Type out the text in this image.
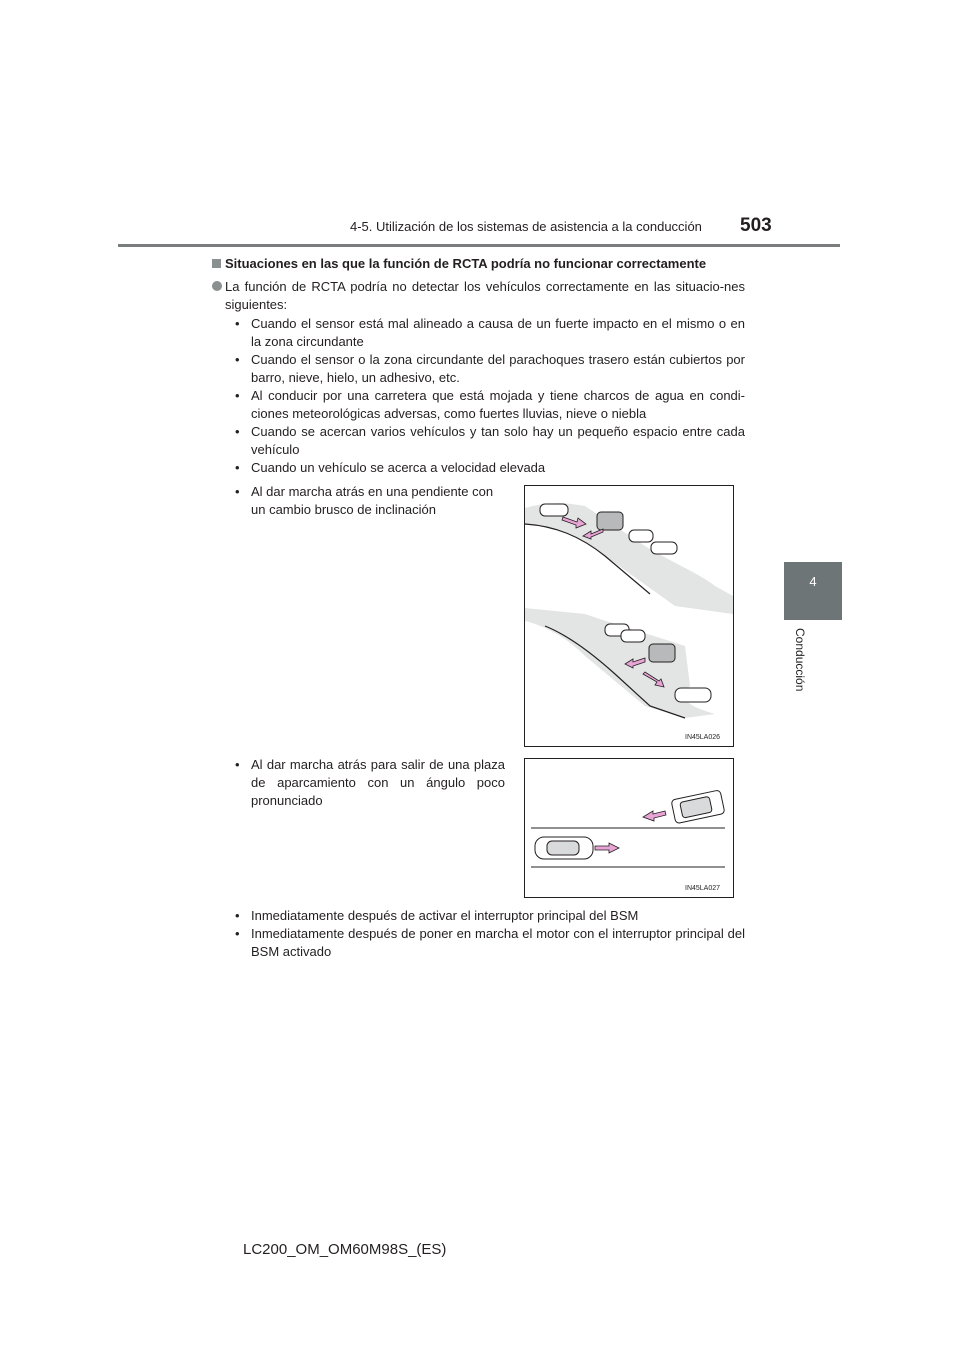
4-5. Utilización de los sistemas de asistencia a la conducción 503
4
Conducción
Situaciones en las que la función de RCTA podría no funcionar correctamente
La función de RCTA podría no detectar los vehículos correctamente en las situacio-nes siguientes:
• Cuando el sensor está mal alineado a causa de un fuerte impacto en el mismo o en la zona circundante
• Cuando el sensor o la zona circundante del parachoques trasero están cubiertos por barro, nieve, hielo, un adhesivo, etc.
• Al conducir por una carretera que está mojada y tiene charcos de agua en condi-ciones meteorológicas adversas, como fuertes lluvias, nieve o niebla
• Cuando se acercan varios vehículos y tan solo hay un pequeño espacio entre cada vehículo
• Cuando un vehículo se acerca a velocidad elevada
• Al dar marcha atrás en una pendiente con un cambio brusco de inclinación
• Al dar marcha atrás para salir de una plaza de aparcamiento con un ángulo poco pronunciado
IN45LA026
IN45LA027
• Inmediatamente después de activar el interruptor principal del BSM
• Inmediatamente después de poner en marcha el motor con el interruptor principal del BSM activado
LC200_OM_OM60M98S_(ES)
